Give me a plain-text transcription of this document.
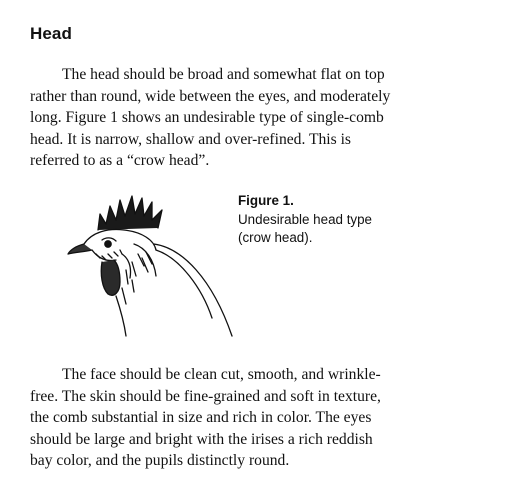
Head

The head should be broad and somewhat flat on top
rather than round, wide between the eyes, and moderately
long. Figure 1 shows an undesirable type of single-comb
head. It is narrow, shallow and over-refined. This is
referred to as a “crow head”.

Figure 1.
Undesirable head type
(crow head).

The face should be clean cut, smooth, and wrinkle-
free. The skin should be fine-grained and soft in texture,
the comb substantial in size and rich in color. The eyes
should be large and bright with the irises a rich reddish
bay color, and the pupils distinctly round.
